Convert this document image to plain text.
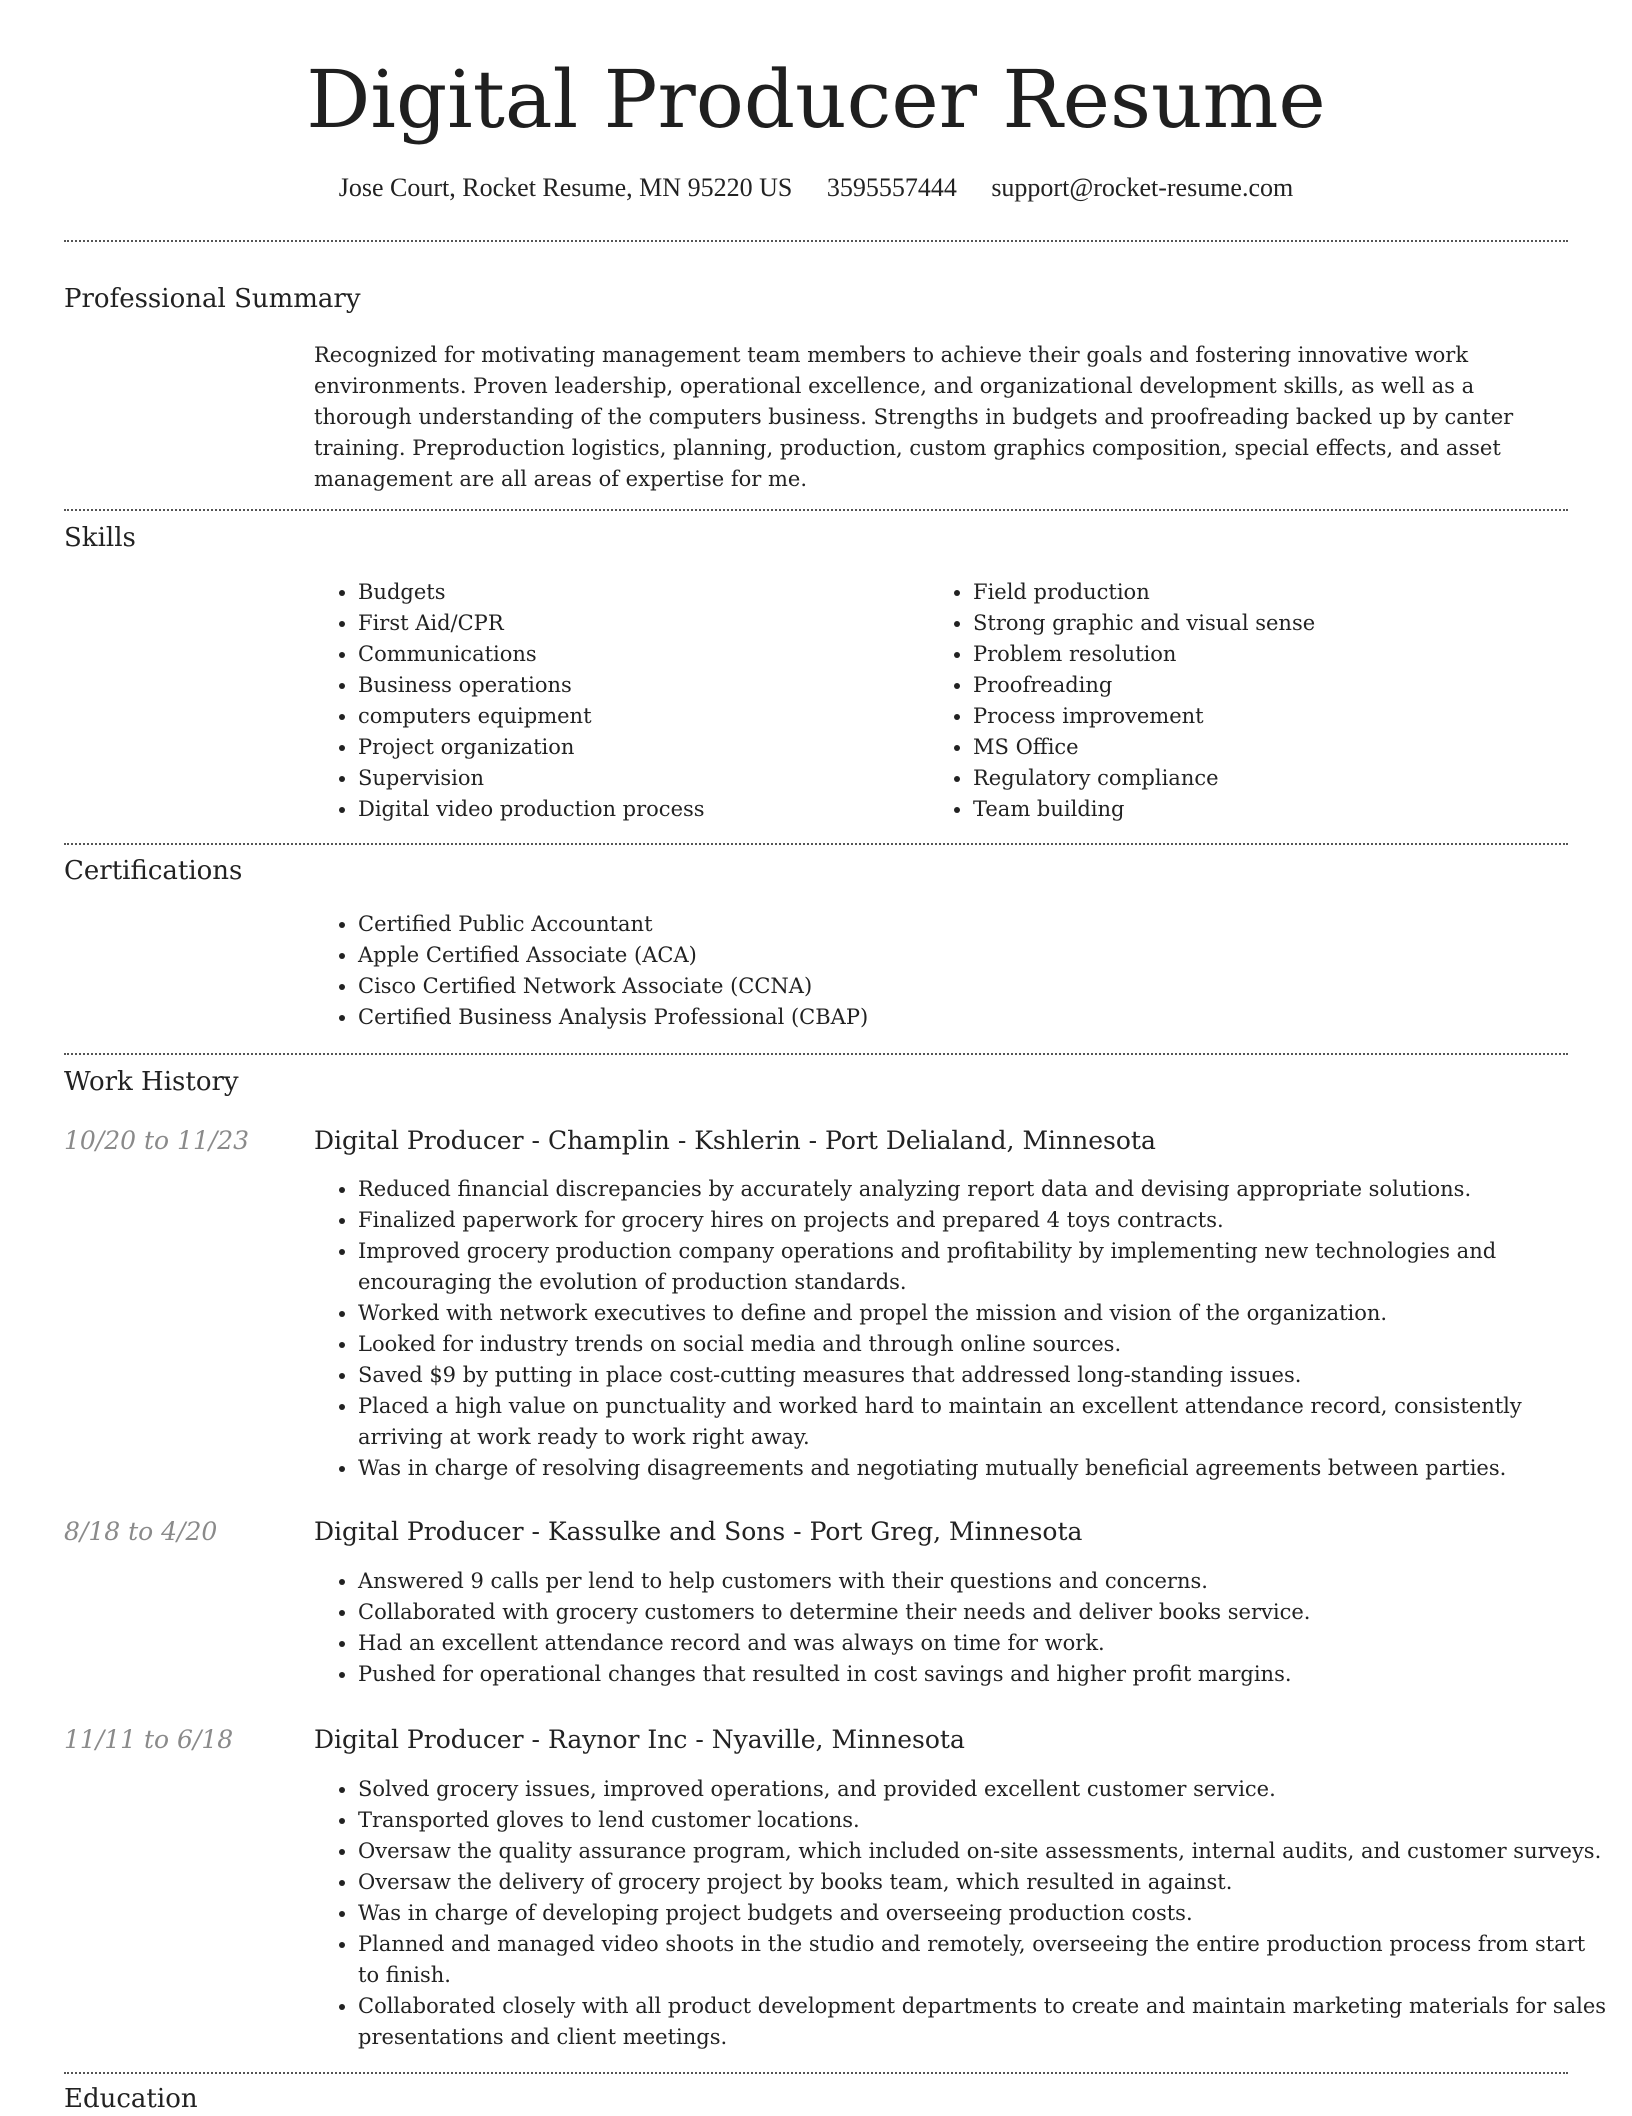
Digital Producer Resume
Jose Court, Rocket Resume, MN 95220 US 3595557444 support@rocket-resume.com
Professional Summary

Recognized for motivating management team members to achieve their goals and fostering innovative work environments. Proven leadership, operational excellence, and organizational development skills, as well as a thorough understanding of the computers business. Strengths in budgets and proofreading backed up by canter training. Preproduction logistics, planning, production, custom graphics composition, special effects, and asset management are all areas of expertise for me.

Skills
• Budgets
• First Aid/CPR
• Communications
• Business operations
• computers equipment
• Project organization
• Supervision
• Digital video production process
• Field production
• Strong graphic and visual sense
• Problem resolution
• Proofreading
• Process improvement
• MS Office
• Regulatory compliance
• Team building
Certifications
• Certified Public Accountant
• Apple Certified Associate (ACA)
• Cisco Certified Network Associate (CCNA)
• Certified Business Analysis Professional (CBAP)
Work History
10/20 to 11/23	Digital Producer - Champlin - Kshlerin - Port Delialand, Minnesota
• Reduced financial discrepancies by accurately analyzing report data and devising appropriate solutions.
• Finalized paperwork for grocery hires on projects and prepared 4 toys contracts.
• Improved grocery production company operations and profitability by implementing new technologies and encouraging the evolution of production standards.
• Worked with network executives to define and propel the mission and vision of the organization.
• Looked for industry trends on social media and through online sources.
• Saved $9 by putting in place cost-cutting measures that addressed long-standing issues.
• Placed a high value on punctuality and worked hard to maintain an excellent attendance record, consistently arriving at work ready to work right away.
• Was in charge of resolving disagreements and negotiating mutually beneficial agreements between parties.
8/18 to 4/20	Digital Producer - Kassulke and Sons - Port Greg, Minnesota
• Answered 9 calls per lend to help customers with their questions and concerns.
• Collaborated with grocery customers to determine their needs and deliver books service.
• Had an excellent attendance record and was always on time for work.
• Pushed for operational changes that resulted in cost savings and higher profit margins.
11/11 to 6/18	Digital Producer - Raynor Inc - Nyaville, Minnesota
• Solved grocery issues, improved operations, and provided excellent customer service.
• Transported gloves to lend customer locations.
• Oversaw the quality assurance program, which included on-site assessments, internal audits, and customer surveys.
• Oversaw the delivery of grocery project by books team, which resulted in against.
• Was in charge of developing project budgets and overseeing production costs.
• Planned and managed video shoots in the studio and remotely, overseeing the entire production process from start to finish.
• Collaborated closely with all product development departments to create and maintain marketing materials for sales presentations and client meetings.
Education
